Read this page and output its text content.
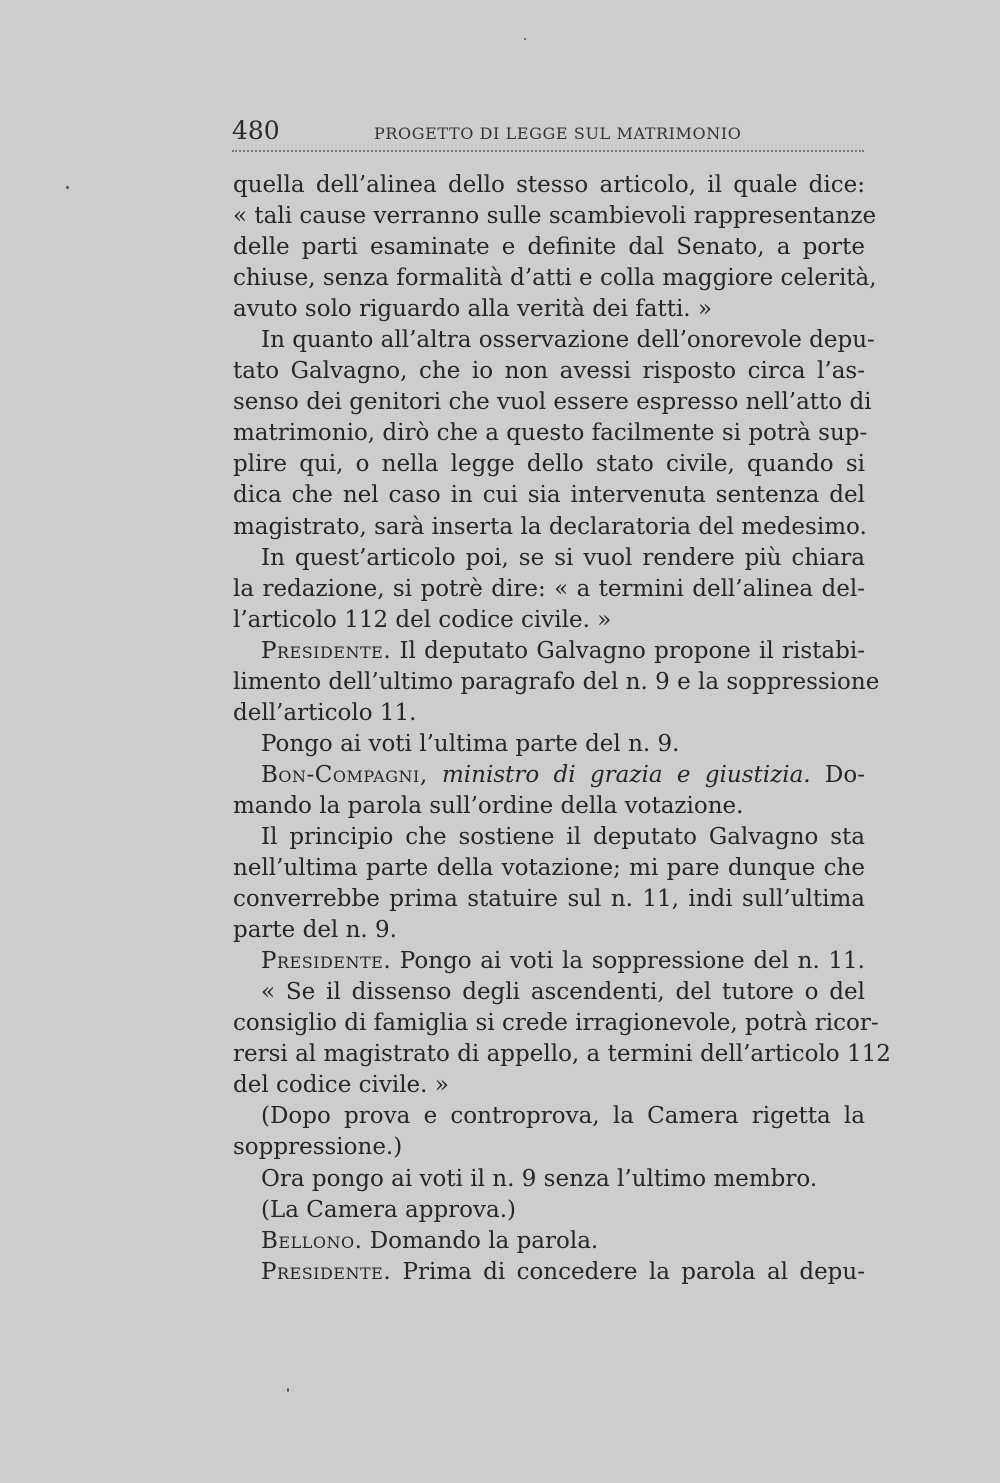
480	PROGETTO DI LEGGE SUL MATRIMONIO
quella dell’alinea dello stesso articolo, il quale dice:
« tali cause verranno sulle scambievoli rappresentanze
delle parti esaminate e definite dal Senato, a porte
chiuse, senza formalità d’atti e colla maggiore celerità,
avuto solo riguardo alla verità dei fatti. »
In quanto all’altra osservazione dell’onorevole depu-
tato Galvagno, che io non avessi risposto circa l’as-
senso dei genitori che vuol essere espresso nell’atto di
matrimonio, dirò che a questo facilmente si potrà sup-
plire qui, o nella legge dello stato civile, quando si
dica che nel caso in cui sia intervenuta sentenza del
magistrato, sarà inserta la declaratoria del medesimo.
In quest’articolo poi, se si vuol rendere più chiara
la redazione, si potrè dire: « a termini dell’alinea del-
l’articolo 112 del codice civile. »
Presidente. Il deputato Galvagno propone il ristabi-
limento dell’ultimo paragrafo del n. 9 e la soppressione
dell’articolo 11.
Pongo ai voti l’ultima parte del n. 9.
Bon-Compagni, ministro di grazia e giustizia. Do-
mando la parola sull’ordine della votazione.
Il principio che sostiene il deputato Galvagno sta
nell’ultima parte della votazione; mi pare dunque che
converrebbe prima statuire sul n. 11, indi sull’ultima
parte del n. 9.
Presidente. Pongo ai voti la soppressione del n. 11.
« Se il dissenso degli ascendenti, del tutore o del
consiglio di famiglia si crede irragionevole, potrà ricor-
rersi al magistrato di appello, a termini dell’articolo 112
del codice civile. »
(Dopo prova e controprova, la Camera rigetta la
soppressione.)
Ora pongo ai voti il n. 9 senza l’ultimo membro.
(La Camera approva.)
Bellono. Domando la parola.
Presidente. Prima di concedere la parola al depu-
